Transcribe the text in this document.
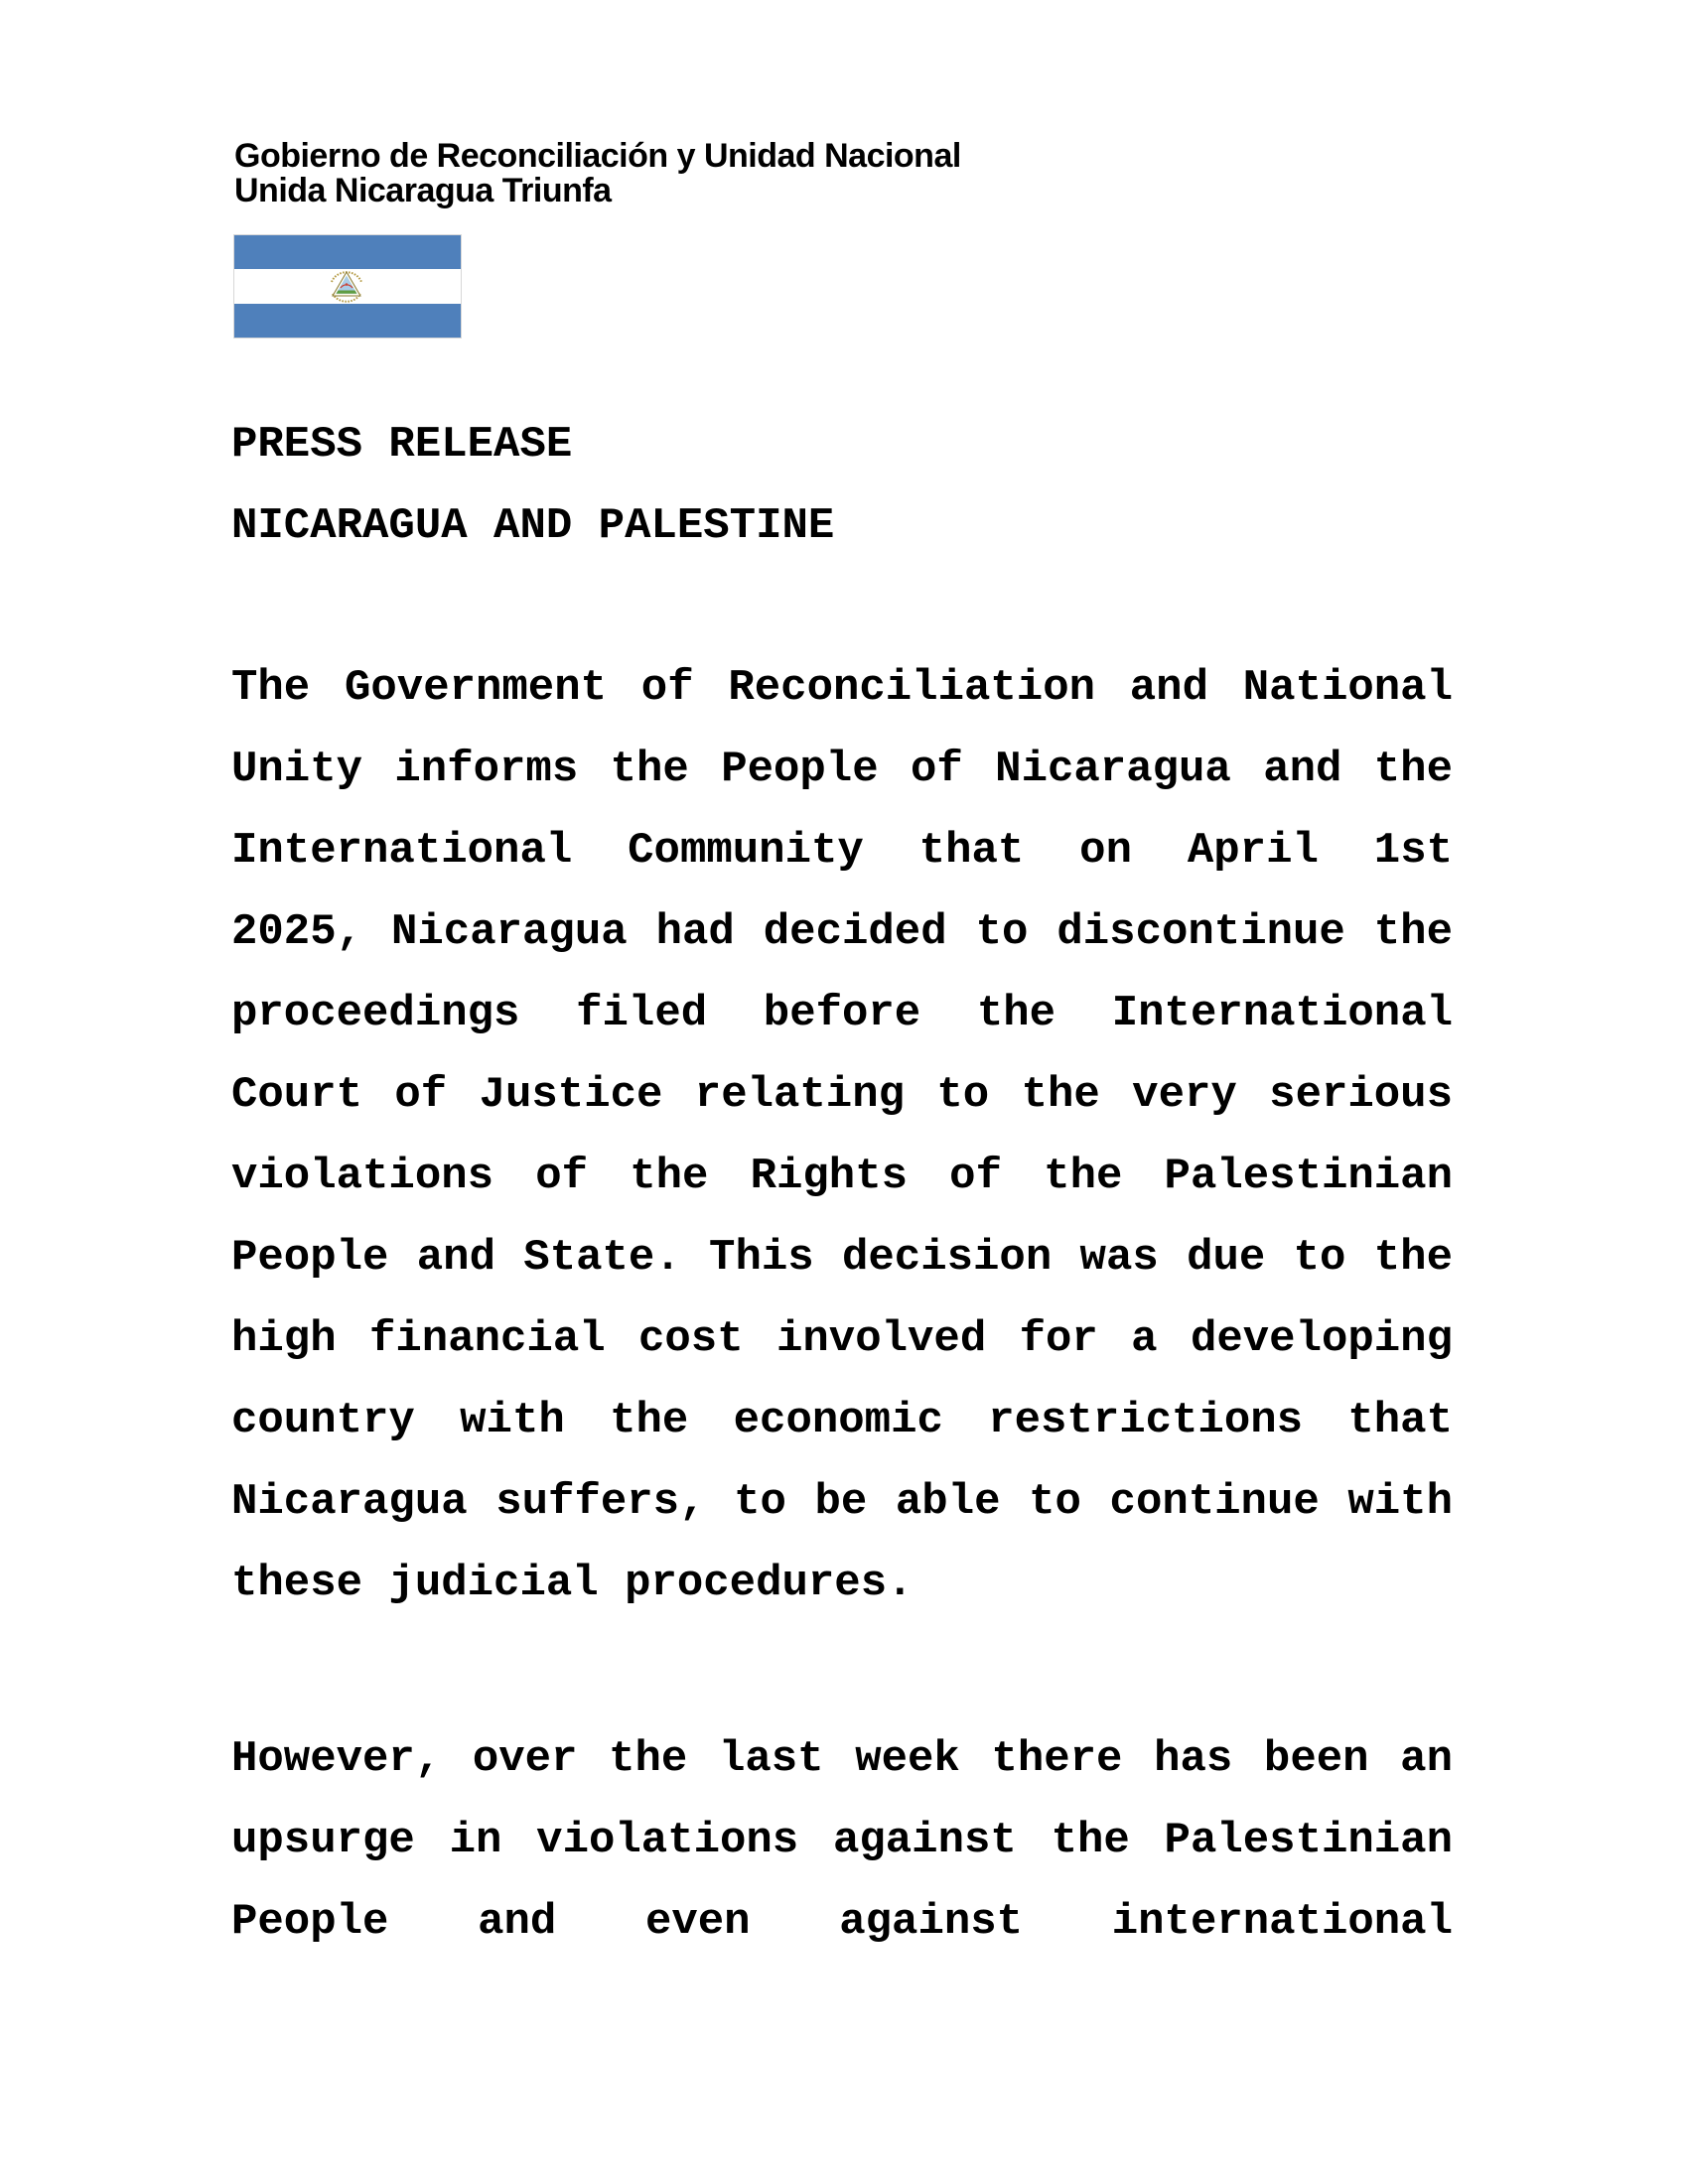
Gobierno de Reconciliación y Unidad Nacional
Unida Nicaragua Triunfa
PRESS RELEASE
NICARAGUA AND PALESTINE
The Government of Reconciliation and National
Unity informs the People of Nicaragua and the
International Community that on April 1st
2025, Nicaragua had decided to discontinue the
proceedings filed before the International
Court of Justice relating to the very serious
violations of the Rights of the Palestinian
People and State. This decision was due to the
high financial cost involved for a developing
country with the economic restrictions that
Nicaragua suffers, to be able to continue with
these judicial procedures.
However, over the last week there has been an
upsurge in violations against the Palestinian
People and even against international
